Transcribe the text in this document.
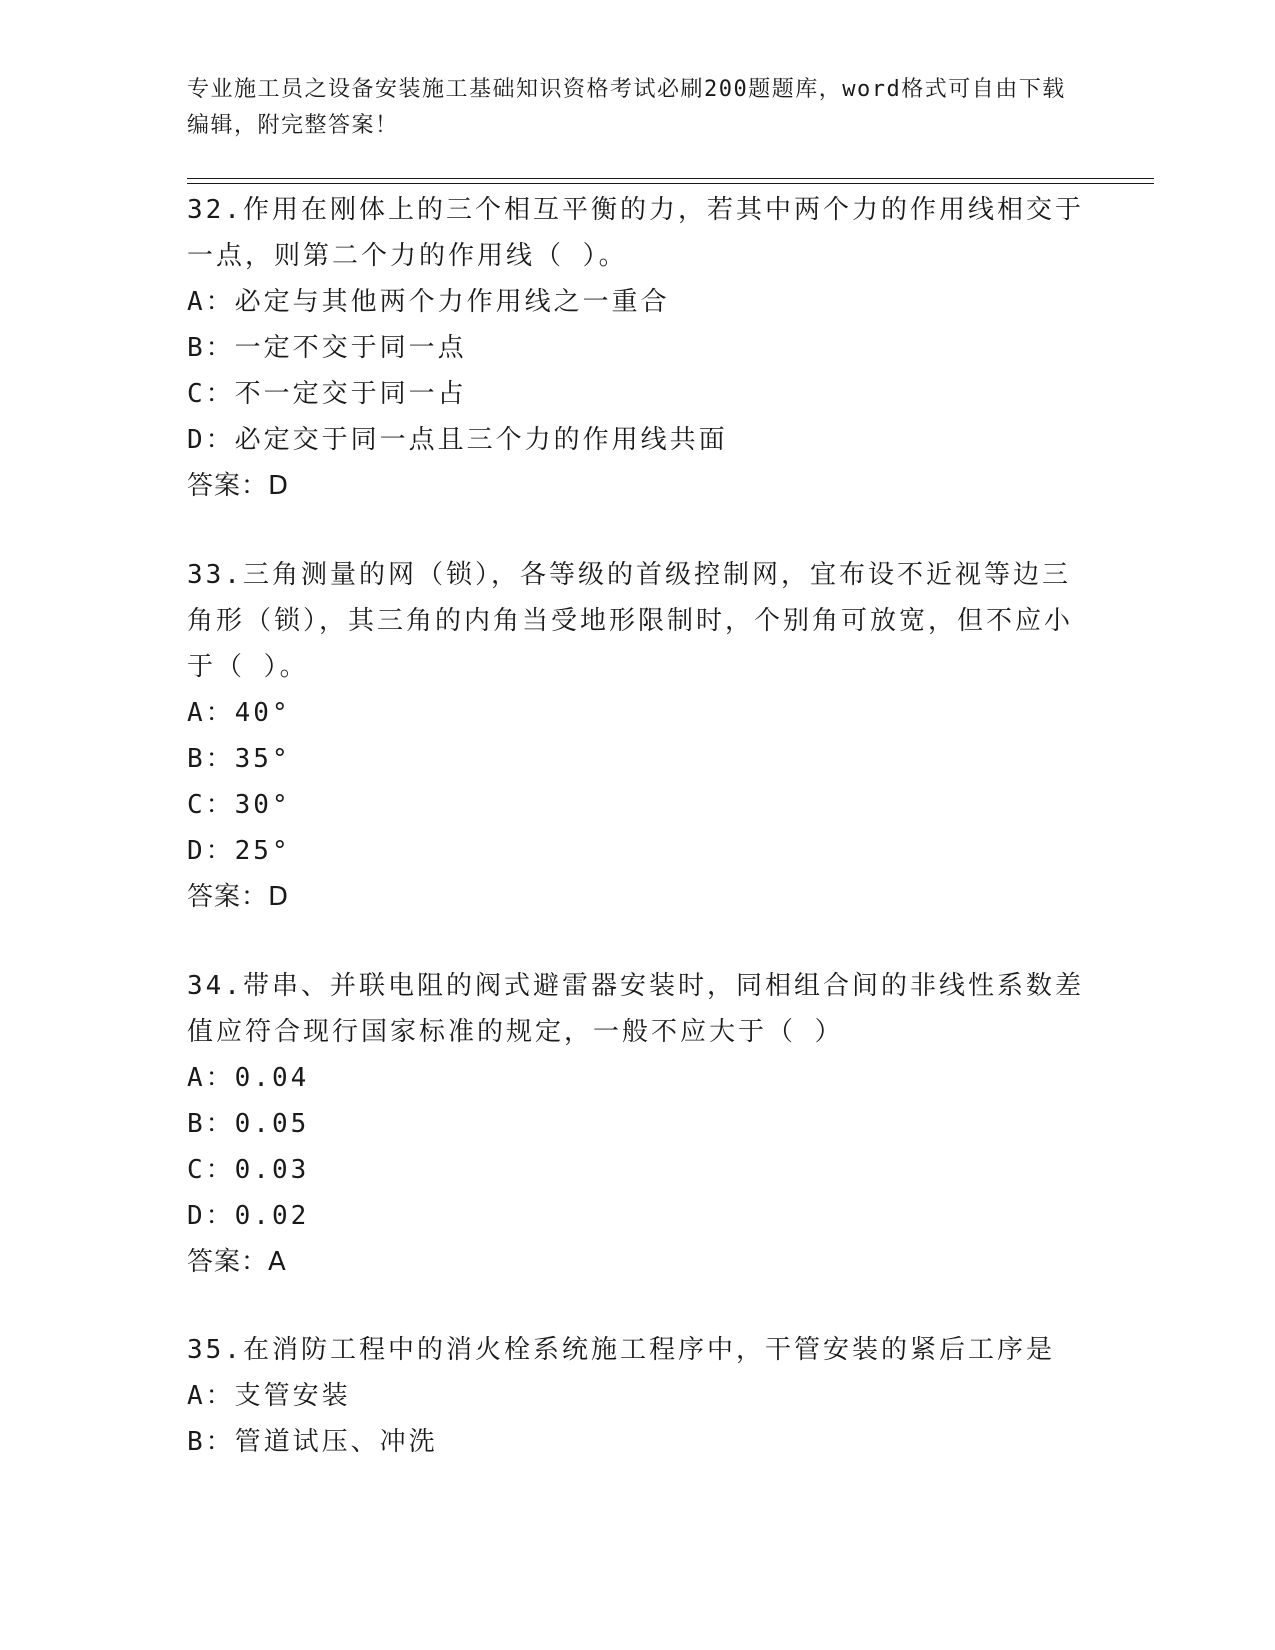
专业施工员之设备安装施工基础知识资格考试必刷200题题库，word格式可自由下载编辑，附完整答案！
32.作用在刚体上的三个相互平衡的力，若其中两个力的作用线相交于一点，则第二个力的作用线（ ）。
A：必定与其他两个力作用线之一重合
B：一定不交于同一点
C：不一定交于同一占
D：必定交于同一点且三个力的作用线共面
答案：D
33.三角测量的网（锁），各等级的首级控制网，宜布设不近视等边三角形（锁），其三角的内角当受地形限制时，个别角可放宽，但不应小于（ ）。
A：40°
B：35°
C：30°
D：25°
答案：D
34.带串、并联电阻的阀式避雷器安装时，同相组合间的非线性系数差值应符合现行国家标准的规定，一般不应大于（ ）
A：0.04
B：0.05
C：0.03
D：0.02
答案：A
35.在消防工程中的消火栓系统施工程序中，干管安装的紧后工序是
A：支管安装
B：管道试压、冲洗
